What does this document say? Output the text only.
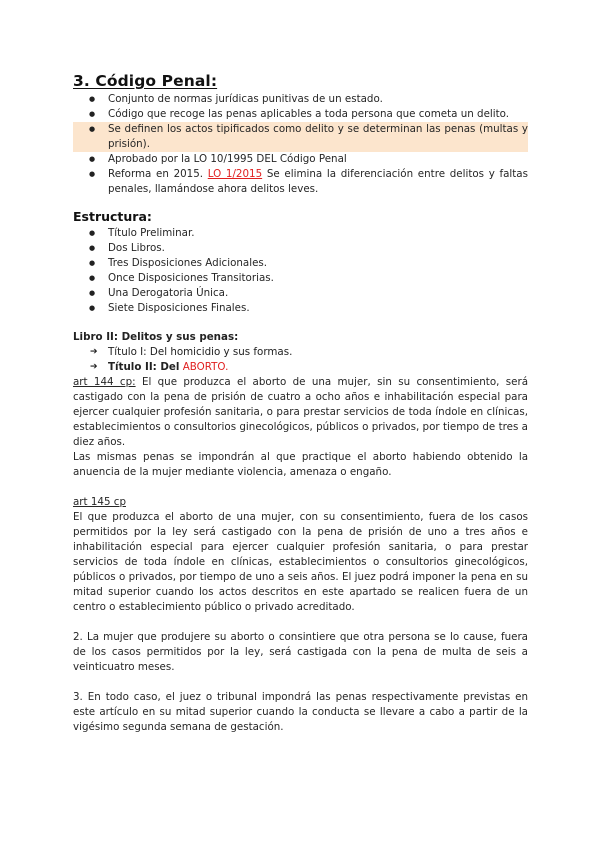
3. Código Penal:
● Conjunto de normas jurídicas punitivas de un estado.
● Código que recoge las penas aplicables a toda persona que cometa un delito.
● Se definen los actos tipificados como delito y se determinan las penas (multas y prisión).
● Aprobado por la LO 10/1995 DEL Código Penal
● Reforma en 2015. LO 1/2015 Se elimina la diferenciación entre delitos y faltas penales, llamándose ahora delitos leves.
Estructura:
● Título Preliminar.
● Dos Libros.
● Tres Disposiciones Adicionales.
● Once Disposiciones Transitorias.
● Una Derogatoria Única.
● Siete Disposiciones Finales.
Libro II: Delitos y sus penas:
➔ Título I: Del homicidio y sus formas.
➔ Título II: Del ABORTO.

art 144 cp: El que produzca el aborto de una mujer, sin su consentimiento, será castigado con la pena de prisión de cuatro a ocho años e inhabilitación especial para ejercer cualquier profesión sanitaria, o para prestar servicios de toda índole en clínicas, establecimientos o consultorios ginecológicos, públicos o privados, por tiempo de tres a diez años.

Las mismas penas se impondrán al que practique el aborto habiendo obtenido la anuencia de la mujer mediante violencia, amenaza o engaño.

art 145 cp

El que produzca el aborto de una mujer, con su consentimiento, fuera de los casos permitidos por la ley será castigado con la pena de prisión de uno a tres años e inhabilitación especial para ejercer cualquier profesión sanitaria, o para prestar servicios de toda índole en clínicas, establecimientos o consultorios ginecológicos, públicos o privados, por tiempo de uno a seis años. El juez podrá imponer la pena en su mitad superior cuando los actos descritos en este apartado se realicen fuera de un centro o establecimiento público o privado acreditado.

2. La mujer que produjere su aborto o consintiere que otra persona se lo cause, fuera de los casos permitidos por la ley, será castigada con la pena de multa de seis a veinticuatro meses.

3. En todo caso, el juez o tribunal impondrá las penas respectivamente previstas en este artículo en su mitad superior cuando la conducta se llevare a cabo a partir de la vigésimo segunda semana de gestación.
